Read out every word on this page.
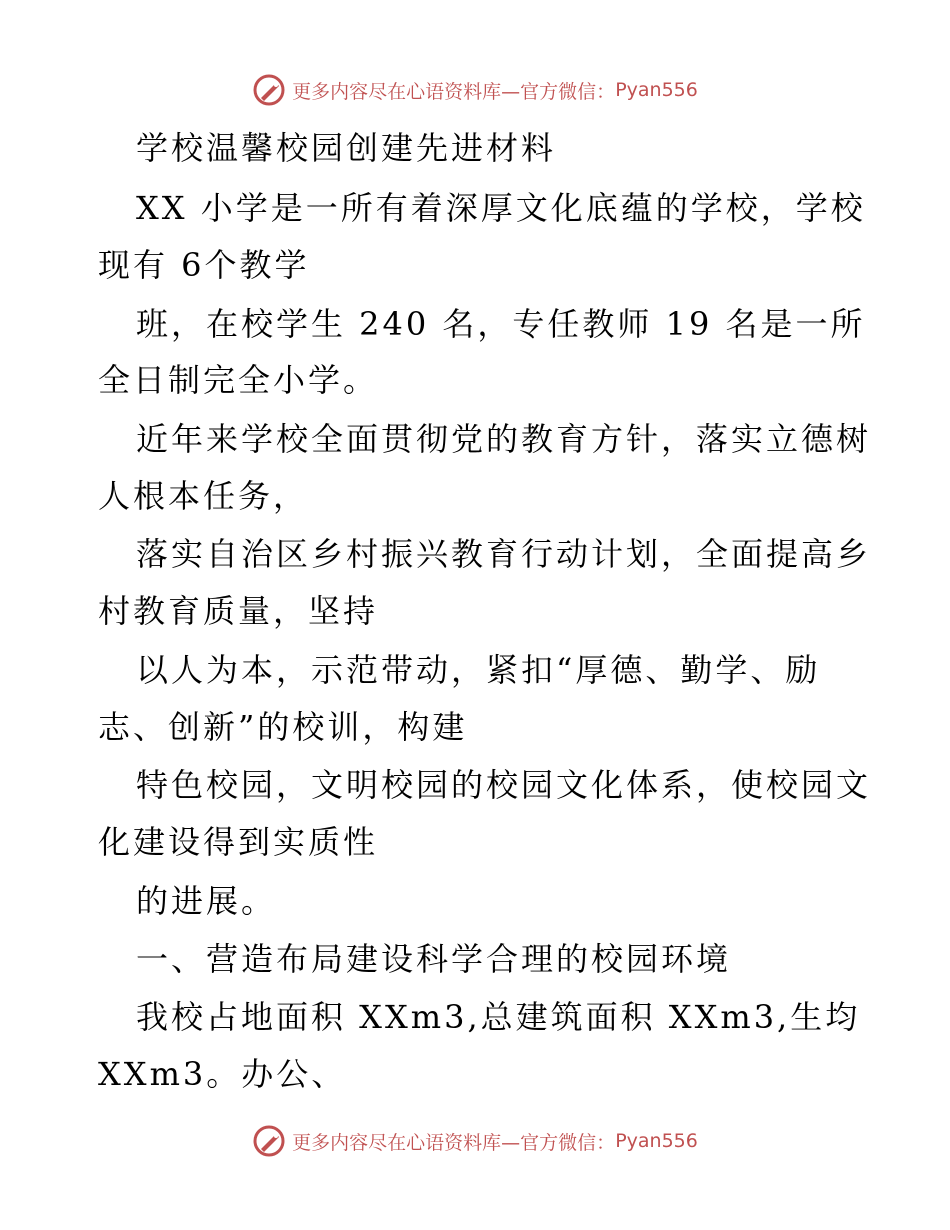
更多内容尽在心语资料库 —官方微信： Pyan556
学校温馨校园创建先进材料
XX 小学是一所有着深厚文化底蕴的学校，学校
现有 6个教学
班，在校学生 240 名，专任教师 19 名是一所
全日制完全小学。
近年来学校全面贯彻党的教育方针，落实立德树
人根本任务，
落实自治区乡村振兴教育行动计划，全面提高乡
村教育质量，坚持
以人为本，示范带动，紧扣“厚德、勤学、励
志、创新”的校训，构建
特色校园，文明校园的校园文化体系，使校园文
化建设得到实质性
的进展。
一、营造布局建设科学合理的校园环境
我校占地面积 XXm3,总建筑面积 XXm3,生均
XXm3。办公、
更多内容尽在心语资料库 —官方微信： Pyan556
